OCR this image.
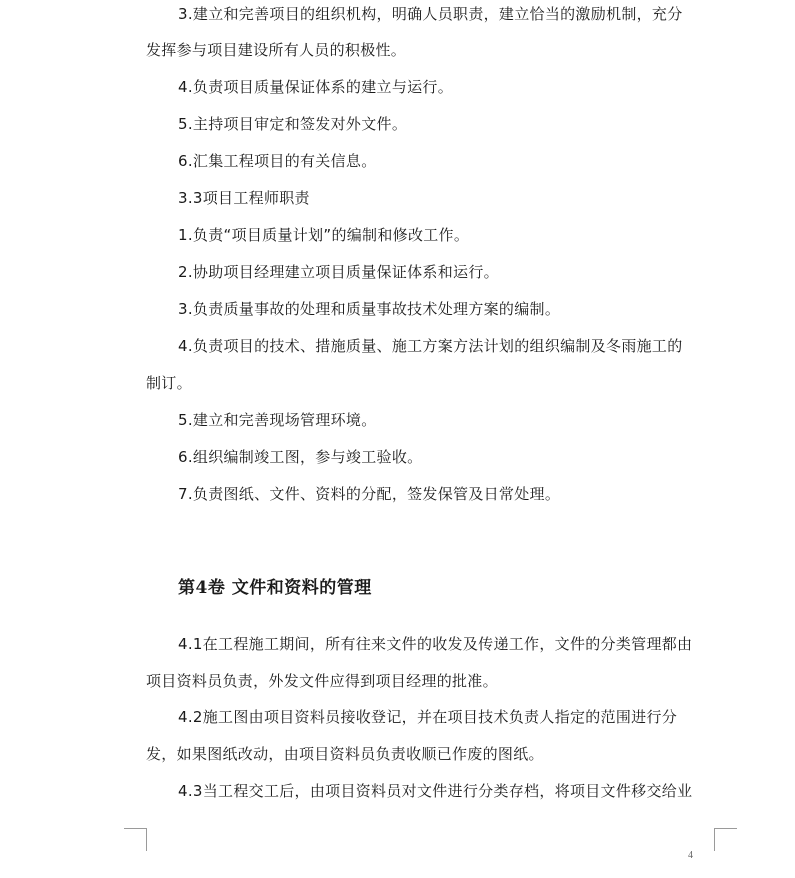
3.建立和完善项目的组织机构，明确人员职责，建立恰当的激励机制，充分

发挥参与项目建设所有人员的积极性。

4.负责项目质量保证体系的建立与运行。

5.主持项目审定和签发对外文件。

6.汇集工程项目的有关信息。

3.3项目工程师职责

1.负责“项目质量计划”的编制和修改工作。

2.协助项目经理建立项目质量保证体系和运行。

3.负责质量事故的处理和质量事故技术处理方案的编制。

4.负责项目的技术、措施质量、施工方案方法计划的组织编制及冬雨施工的

制订。

5.建立和完善现场管理环境。

6.组织编制竣工图，参与竣工验收。

7.负责图纸、文件、资料的分配，签发保管及日常处理。

第4卷 文件和资料的管理

4.1在工程施工期间，所有往来文件的收发及传递工作，文件的分类管理都由

项目资料员负责，外发文件应得到项目经理的批准。

4.2施工图由项目资料员接收登记，并在项目技术负责人指定的范围进行分

发，如果图纸改动，由项目资料员负责收顺已作废的图纸。

4.3当工程交工后，由项目资料员对文件进行分类存档，将项目文件移交给业

4
